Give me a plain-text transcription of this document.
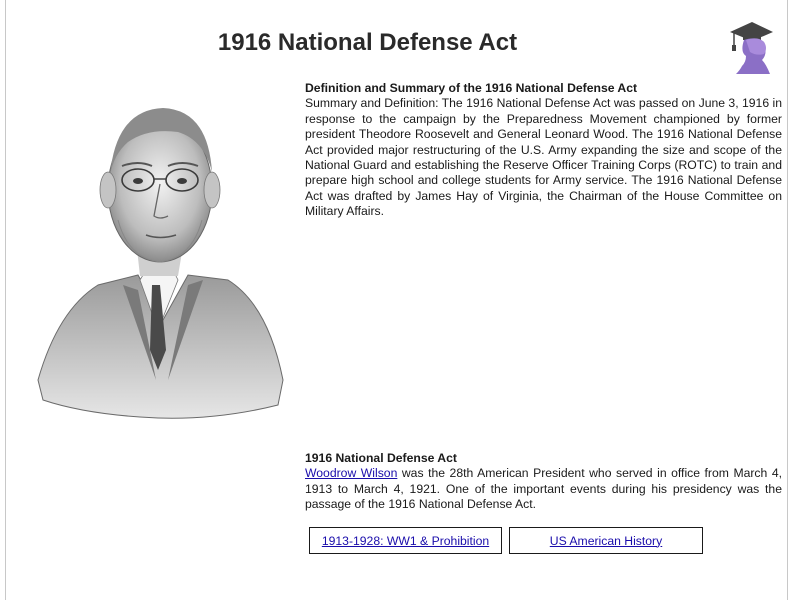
1916 National Defense Act
Definition and Summary of the 1916 National Defense Act

Summary and Definition: The 1916 National Defense Act was passed on June 3, 1916 in response to the campaign by the Preparedness Movement championed by former president Theodore Roosevelt and General Leonard Wood. The 1916 National Defense Act provided major restructuring of the U.S. Army expanding the size and scope of the National Guard and establishing the Reserve Officer Training Corps (ROTC) to train and prepare high school and college students for Army service. The 1916 National Defense Act was drafted by James Hay of Virginia, the Chairman of the House Committee on Military Affairs.

1916 National Defense Act

Woodrow Wilson was the 28th American President who served in office from March 4, 1913 to March 4, 1921. One of the important events during his presidency was the passage of the 1916 National Defense Act.

1913-1928: WW1 & Prohibition	US American History
